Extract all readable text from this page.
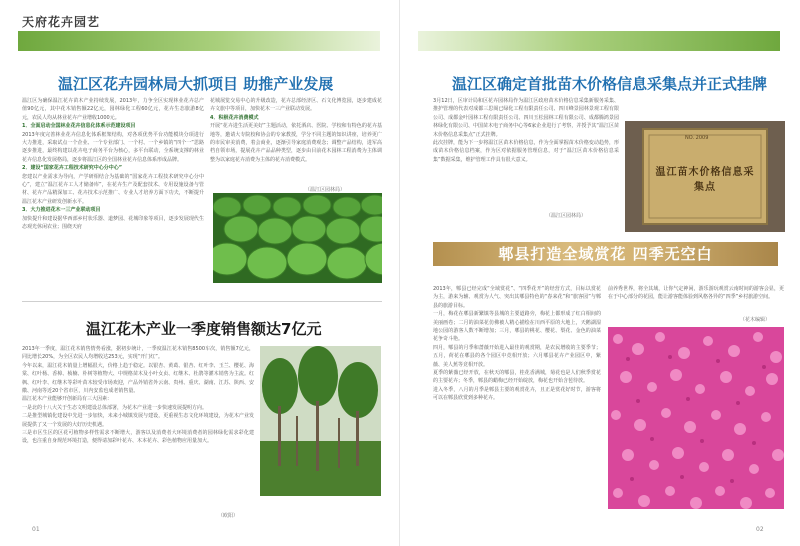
天府花卉园艺
温江区花卉园林局大抓项目 助推产业发展
温江区为确保温江花卉苗木产业持续发展，2013年，力争全区实现林业花卉总产值90亿元，其中花木销售额22亿元，园林绿化工程60亿元，花卉生态旅游8亿元，农民人均从林业花卉产业增收1000元。
1．全面启动全国林业花卉信息化体系示范建设项目
2013年度完善林业花卉信息化体系框架结构，对各项优势平台功能模块分项进行大力推进，采取试点一个企业、一个专业部门、一个村、一个乡镇的“四个一”思路逐步推进，最终构建以花卉电子商务平台为核心，多平台联动，全系统支撑的林业花卉信息化发展格局，逐步将温江区的全国林业花卉信息体系形成品牌。
2．建设“国家花卉工程技术研究中心分中心”
您建以产业需求为导向，产学研相结合为基础的“国家花卉工程技术研究中心分中心”，建立“温江花卉工人才储备库”，在花卉生产及配套技术、专用设施设备与管材、花卉产品精深加工、花卉技术示范推广、专业人才培养方面下功夫，不断提升温江花木产业研发创新水平。
3．大力推进花木一三产业联动项目
加快提升和建设据华西部乡村状乐器、道梦园、花城印象等项目，逐步发展现代生态观光休闲农业；围绕天府
花城展览交易中心的升级改造，花卉总部经济区、石文化博览园，逐步建成花卉文旅中等项目，加快花木一三产业联动发展。
4．积极花卉消费模式
开展“花卉进生活更美好”主题活动，依托酒店、医院、学校和有特色的花卉基地等，邀请大专院校和协会的专家教授，学分不同主题的知识讲座，培养更广的市民审美消费，着会商业，逐渐引导家庭消费观念；调整产品结构，进军高档自领市场，提展花卉产品品种类型，逐步由目前花木园林工程消费为主体调整为以家庭花卉消费为主体的花卉消费模式。
（温江区园林局）
温江花木产业一季度销售额达7亿元
2013年一季度，温江花木销售情势看涨，据初步统计，一季度温江花木销售8500车次，销售额7亿元，同比增长20%，为全区农民人均增收达253元，实现“开门红”。
今年以来，温江花木销量上增幅很大，价格上趋于稳定。以银杏、黄葛、银杏、红叶李、玉兰、樱花、海棠、红叶杨、香樟、桢楠、朴树等植物大、中规格苗木及小叶女贞、红继木、杜鹃等灌木销售为主流。红枫、红叶李、红继木等彩叶苗木较受市场欢迎，产品外销省外云南、贵州、重庆、湖南、江苏、陕西、安徽、河南等近20个省市区，川内安监也成老销售量。
温江花木产业能够开创新局有三大因素：
一是北的十八大关于生态文明建设总体部署，为花木产业进一步快速发展提明方向。
二是推型城镇化建设中先进一步加快，未来小城镇发展与建设，更重视生态文化环境建设，为花木产业发展提供了又一个发展的大好历史机遇。
三是市区生区的区花可植物多样性需求不断增大，游客以及消费者大环境消费者的园林绿化需求彩化建设，也注重自身规范环境打造，便得请加彩叶花卉、木本花卉、彩色植物应用量加大。
（欧阳）
01
温江区确定首批苗木价格信息采集点并正式挂牌
3月12日，区审计局和区花卉园林局作为温江区政府苗木价格信息采集新服务采集、推护管理的代表对成都三思阁已绿化工程有限责任公司、四川峰景园林景观工程有限公司、成都金叶园林工程有限责任公司、四川玉松园林工程有限公司、成都腾鸿景园林绿化有限公司、中国苗木电子商务中心等6家企业进行了考察，并授予其“温江区苗木价格信息采集点”正式挂牌。
此次挂牌，能为下一步将温江区苗木价格信息，作为全面掌握苗木价格变动趋势，形成苗木价格信息档案，作为区对依据服务管理信息，对于“温江区苗木价格信息采集”数据采集，维护管理工作具有很大意义。
（温江区园林局）
NO. 2009
温江苗木价格信息采集点
郫县打造全域赏花 四季无空白
2013年，郫县已经完成“全域赏花”、“四季花开”的经营方式，目标以赏花为主，游来为辅、观赏为人气、突出其郫县特色的“春来花”和“旅客园”与郫县的旅游目标。
一月，梅花在郫县新繁镇等县城的主要道路旁，梅花上都形成了红白相间的美丽画卷；二月的油菜花仿佛被人精心描绘在川西平原的大地上，天鹅湖湿地公园的游客人数不断增加；三月，郫县的桃花、樱花、梨花、金色的油菜花争奇斗艳。
四月，郫县的月季和蔷薇开始进入最佳的观赏期，是农民增收的主要季节；五月，荷花在郫县的各个园区中竞相开放；六月郫县花卉产业园区中，紫薇、美人蕉等竞相开放。
夏季的紫薇已经开放，在秋天的郫县，桂花香满城，菊花也是人们秋季赏花的主要花卉；冬季，郫县的蜡梅已经开始绽放，梅花也开始含苞待放。
进入冬季，八月的月季是郫县主要的观赏花卉，且正是赏花好时节，游客将可以在郫县欣赏到多种花卉。
前养秀世界，将全其域，让你气定神闲，游乐游玩观赏云南时间的游客会显，更在于中心部分的花园，能让游客能体验到风格各异的“四季”乡村旅游空间。
（花木编辑）
02
